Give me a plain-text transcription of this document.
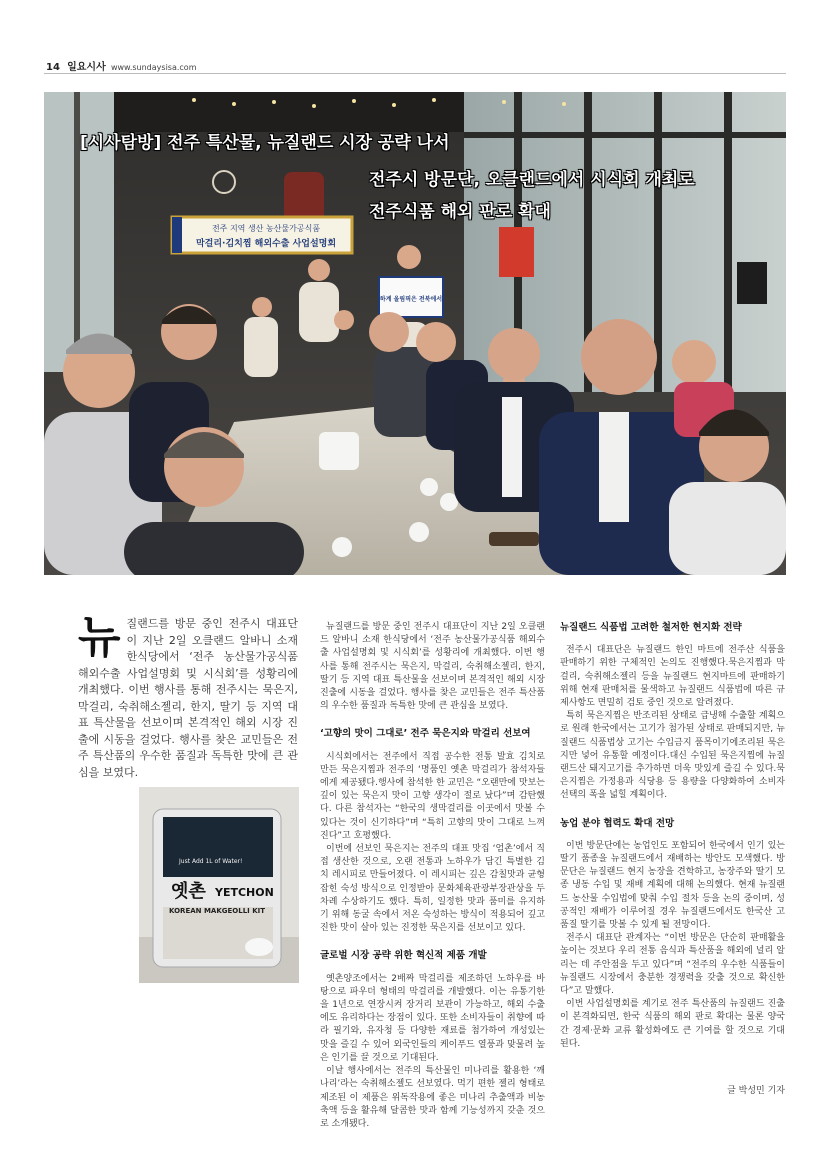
14 일요시사 www.sundaysisa.com
전주 지역 생산 농산물가공식품
막걸리·김치찜 해외수출 사업설명회
하계 올림픽은 전북에서
[시사탐방] 전주 특산물, 뉴질랜드 시장 공략 나서
전주시 방문단, 오클랜드에서 시식회 개최로
전주식품 해외 판로 확대
뉴 질랜드를 방문 중인 전주시 대표단이 지난 2일 오클랜드 알바니 소재 한식당에서 ‘전주 농산물가공식품 해외수출 사업설명회 및 시식회’를 성황리에 개최했다. 이번 행사를 통해 전주시는 묵은지, 막걸리, 숙취해소젤리, 한지, 딸기 등 지역 대표 특산물을 선보이며 본격적인 해외 시장 진출에 시동을 걸었다. 행사를 찾은 교민들은 전주 특산품의 우수한 품질과 독특한 맛에 큰 관심을 보였다.
Just Add 1L of Water!
옛촌 YETCHON
KOREAN MAKGEOLLI KIT

뉴질랜드를 방문 중인 전주시 대표단이 지난 2일 오클랜드 알바니 소재 한식당에서 ‘전주 농산물가공식품 해외수출 사업설명회 및 시식회’를 성황리에 개최했다. 이번 행사를 통해 전주시는 묵은지, 막걸리, 숙취해소젤리, 한지, 딸기 등 지역 대표 특산물을 선보이며 본격적인 해외 시장 진출에 시동을 걸었다. 행사를 찾은 교민들은 전주 특산품의 우수한 품질과 독특한 맛에 큰 관심을 보였다.

‘고향의 맛이 그대로’ 전주 묵은지와 막걸리 선보여

시식회에서는 전주에서 직접 공수한 전통 발효 김치로 만든 묵은지찜과 전주의 ‘명품인 옛촌 막걸리가 참석자들에게 제공됐다.행사에 참석한 한 교민은 “오랜만에 맛보는 깊이 있는 묵은지 맛이 고향 생각이 절로 났다”며 감탄했다. 다른 참석자는 “한국의 생막걸리를 이곳에서 맛볼 수 있다는 것이 신기하다”며 “특히 고향의 맛이 그대로 느껴진다”고 호평했다.

이번에 선보인 묵은지는 전주의 대표 맛집 ‘엄촌’에서 직접 생산한 것으로, 오랜 전통과 노하우가 담긴 특별한 김치 레시피로 만들어졌다. 이 레시피는 깊은 감칠맛과 균형 잡힌 숙성 방식으로 인정받아 문화체육관광부장관상을 두차례 수상하기도 했다. 특히, 일정한 맛과 품미를 유지하기 위해 동굴 속에서 저온 숙성하는 방식이 적용되어 깊고 진한 맛이 살아 있는 진정한 묵은지를 선보이고 있다.

글로벌 시장 공략 위한 혁신적 제품 개발

옛촌양조에서는 2배짜 막걸리를 제조하던 노하우를 바탕으로 파우더 형태의 막걸리를 개발했다. 이는 유통기한을 1년으로 연장시켜 장거리 보관이 가능하고, 해외 수출에도 유리하다는 장점이 있다. 또한 소비자들이 취향에 따라 필기와, 유자청 등 다양한 재료를 첨가하여 개성있는 맛을 즐길 수 있어 외국인들의 케이푸드 열풍과 맞물려 높은 인기를 끌 것으로 기대된다.

이날 행사에서는 전주의 특산물인 미나리를 활용한 ‘깨나리’라는 숙취해소젤도 선보였다. 먹기 편한 젤리 형태로 제조된 이 제품은 위독작용에 좋은 미나리 추출액과 비농축액 등을 활유해 달콤한 맛과 함께 기능성까지 갖춘 것으로 소개됐다.

뉴질랜드 식품법 고려한 철저한 현지화 전략

전주시 대표단은 뉴질랜드 한인 마트에 전주산 식품을 판매하기 위한 구체적인 논의도 진행했다.묵은지찜과 막걸리, 숙취해소젤리 등을 뉴질랜드 현지마트에 판매하기 위해 현재 판매처를 물색하고 뉴질랜드 식품법에 따른 규제사항도 면밀히 검토 중인 것으로 알려졌다.

특히 묵은지찜은 반조리된 상태로 급냉해 수출할 계획으로 원래 한국에서는 고기가 첨가된 상태로 판매되지만, 뉴질랜드 식품법상 고기는 수입금지 품목이기에조리된 묵은지만 넣어 유통할 예정이다.대신 수입된 묵은지찜에 뉴질랜드산 돼지고기를 추가하면 더욱 맛있게 즐길 수 있다.묵은지찜은 가정용과 식당용 등 용량을 다양화하여 소비자 선택의 폭을 넓힐 계획이다.

농업 분야 협력도 확대 전망

이번 방문단에는 농업인도 포함되어 한국에서 인기 있는 딸기 품종을 뉴질랜드에서 재배하는 방안도 모색했다. 방문단은 뉴질랜드 현지 농장을 견학하고, 농장주와 딸기 모종 냉동 수입 및 재배 계획에 대해 논의했다. 현재 뉴질랜드 농산물 수입법에 맞춰 수입 절차 등을 논의 중이며, 성공적인 재배가 이루어질 경우 뉴질랜드에서도 한국산 고품질 딸기를 맛볼 수 있게 될 전망이다.

전주시 대표단 관계자는 “이번 방문은 단순히 판매활을 높이는 것보다 우리 전통 음식과 특산품을 해외에 널리 알리는 데 주안점을 두고 있다”며 “전주의 우수한 식품들이 뉴질랜드 시장에서 충분한 경쟁력을 갖출 것으로 확신한다”고 말했다.

이번 사업설명회를 계기로 전주 특산품의 뉴질랜드 진출이 본격화되면, 한국 식품의 해외 판로 확대는 물론 양국 간 경제·문화 교류 활성화에도 큰 기여를 할 것으로 기대된다.

글 박성민 기자
